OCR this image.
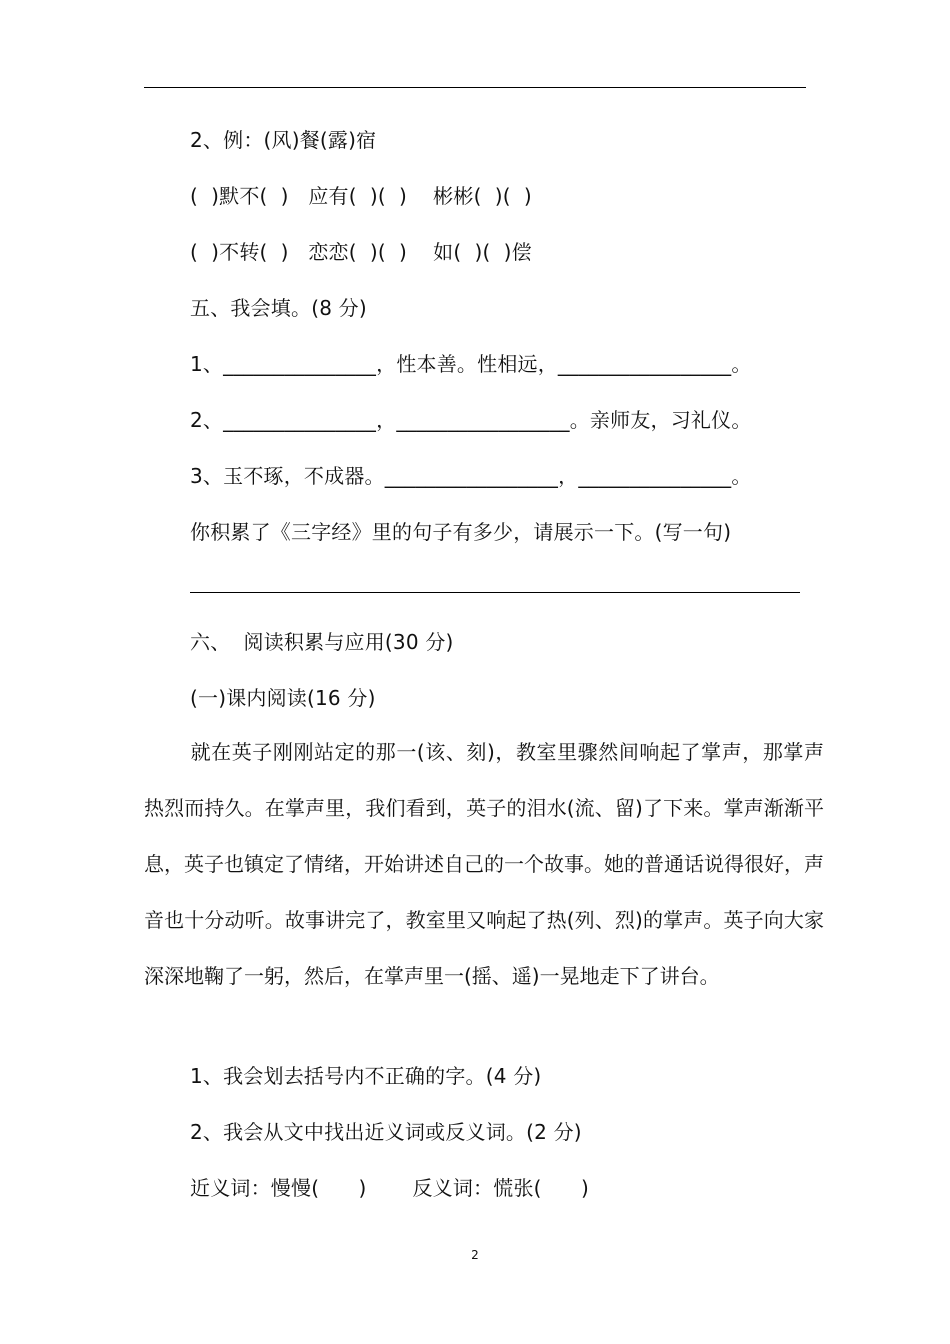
2、例：(风)餐(露)宿
(  )默不(  )   应有(  )(  )    彬彬(  )(  )
(  )不转(  )   恋恋(  )(  )    如(  )(  )偿
五、我会填。(8 分)
1、_______________，性本善。性相远，_________________。
2、_______________，_________________。亲师友，习礼仪。
3、玉不琢，不成器。_________________，_______________。
你积累了《三字经》里的句子有多少，请展示一下。(写一句)
六、  阅读积累与应用(30 分)
(一)课内阅读(16 分)
就在英子刚刚站定的那一(该、刻)，教室里骤然间响起了掌声，那掌声热烈而持久。在掌声里，我们看到，英子的泪水(流、留)了下来。掌声渐渐平息，英子也镇定了情绪，开始讲述自己的一个故事。她的普通话说得很好，声音也十分动听。故事讲完了，教室里又响起了热(列、烈)的掌声。英子向大家深深地鞠了一躬，然后，在掌声里一(摇、遥)一晃地走下了讲台。
1、我会划去括号内不正确的字。(4 分)
2、我会从文中找出近义词或反义词。(2 分)
近义词：慢慢(      )       反义词：慌张(      )
2
